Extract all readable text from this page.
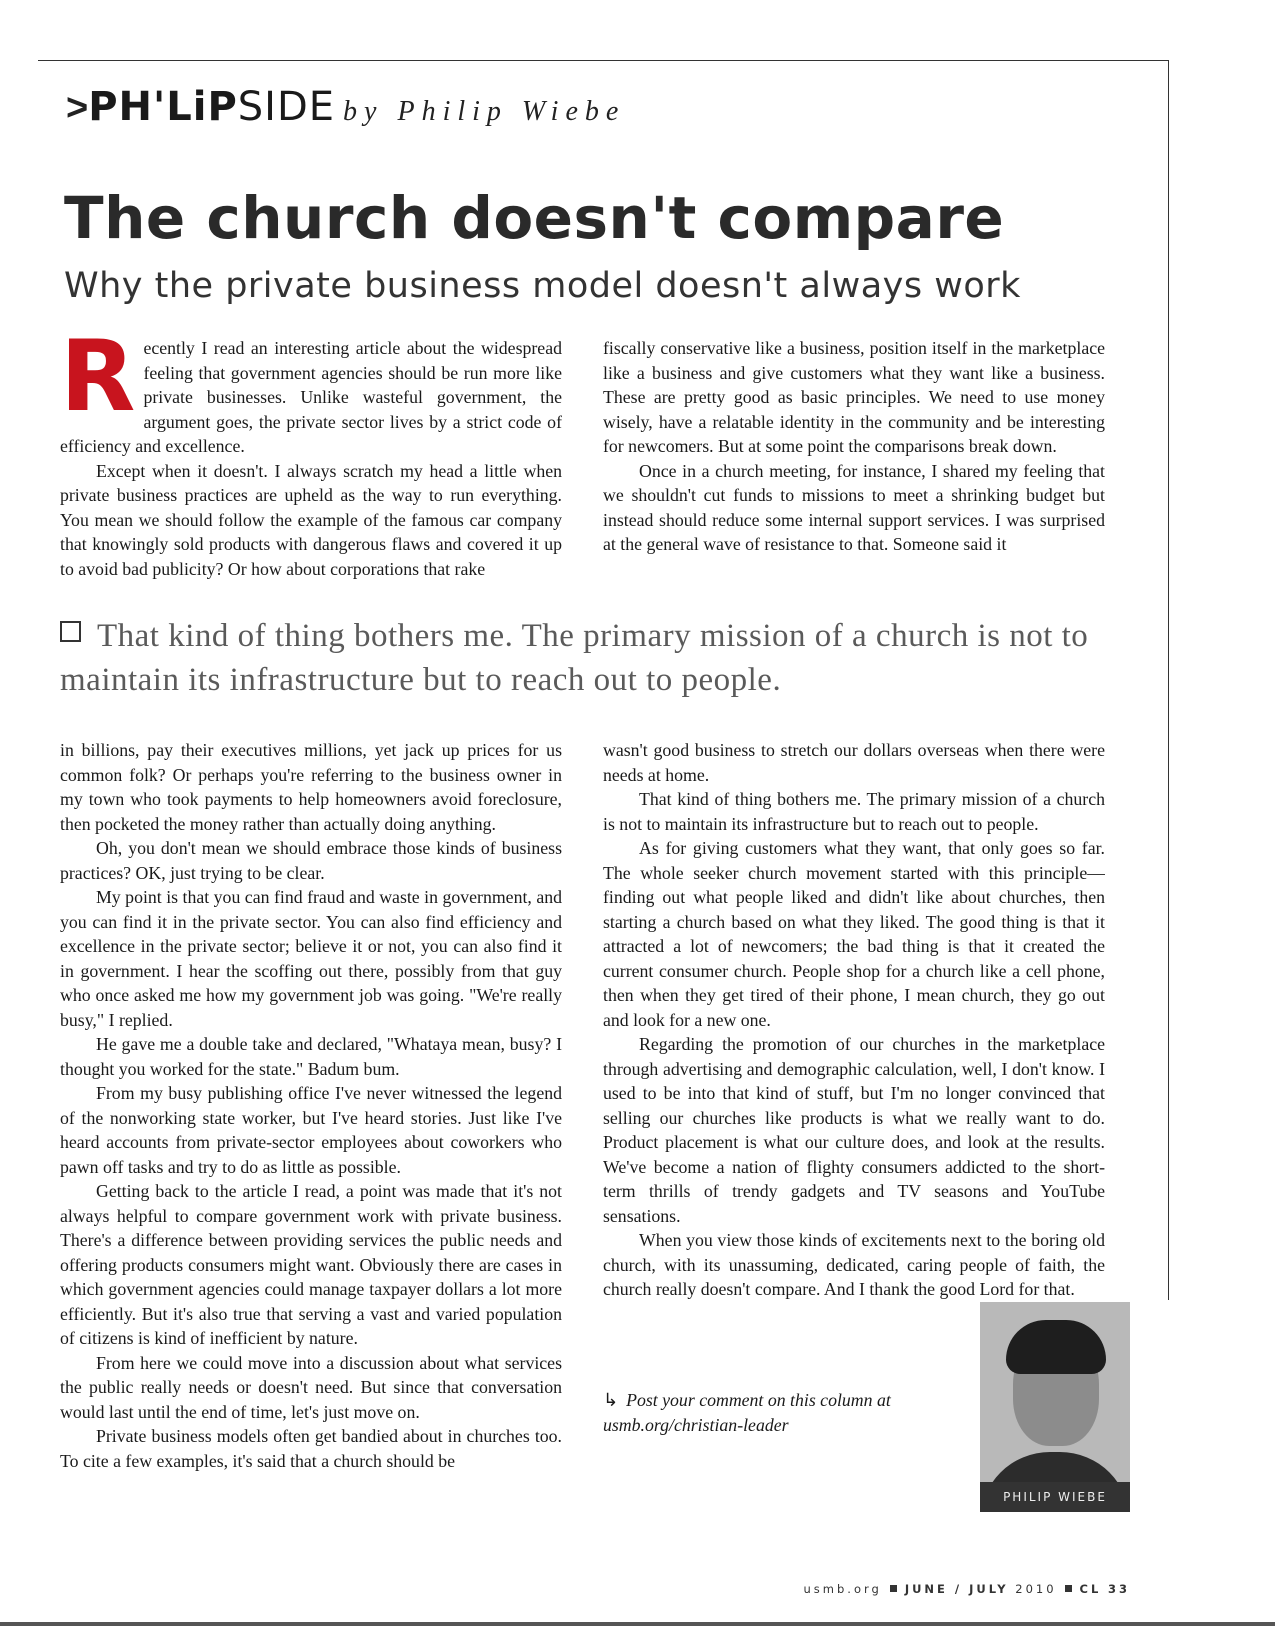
>PH'LiPSIDE by Philip Wiebe
The church doesn't compare
Why the private business model doesn't always work

Recently I read an interesting article about the widespread feeling that government agencies should be run more like private businesses. Unlike wasteful government, the argument goes, the private sector lives by a strict code of efficiency and excellence.

Except when it doesn't. I always scratch my head a little when private business practices are upheld as the way to run everything. You mean we should follow the example of the famous car company that knowingly sold products with dangerous flaws and covered it up to avoid bad publicity? Or how about corporations that rake

fiscally conservative like a business, position itself in the marketplace like a business and give customers what they want like a business. These are pretty good as basic principles. We need to use money wisely, have a relatable identity in the community and be interesting for newcomers. But at some point the comparisons break down.

Once in a church meeting, for instance, I shared my feeling that we shouldn't cut funds to missions to meet a shrinking budget but instead should reduce some internal support services. I was surprised at the general wave of resistance to that. Someone said it

That kind of thing bothers me. The primary mission of a church is not to maintain its infrastructure but to reach out to people.

in billions, pay their executives millions, yet jack up prices for us common folk? Or perhaps you're referring to the business owner in my town who took payments to help homeowners avoid foreclosure, then pocketed the money rather than actually doing anything.

Oh, you don't mean we should embrace those kinds of business practices? OK, just trying to be clear.

My point is that you can find fraud and waste in government, and you can find it in the private sector. You can also find efficiency and excellence in the private sector; believe it or not, you can also find it in government. I hear the scoffing out there, possibly from that guy who once asked me how my government job was going. "We're really busy," I replied.

He gave me a double take and declared, "Whataya mean, busy? I thought you worked for the state." Badum bum.

From my busy publishing office I've never witnessed the legend of the nonworking state worker, but I've heard stories. Just like I've heard accounts from private-sector employees about coworkers who pawn off tasks and try to do as little as possible.

Getting back to the article I read, a point was made that it's not always helpful to compare government work with private business. There's a difference between providing services the public needs and offering products consumers might want. Obviously there are cases in which government agencies could manage taxpayer dollars a lot more efficiently. But it's also true that serving a vast and varied population of citizens is kind of inefficient by nature.

From here we could move into a discussion about what services the public really needs or doesn't need. But since that conversation would last until the end of time, let's just move on.

Private business models often get bandied about in churches too. To cite a few examples, it's said that a church should be

wasn't good business to stretch our dollars overseas when there were needs at home.

That kind of thing bothers me. The primary mission of a church is not to maintain its infrastructure but to reach out to people.

As for giving customers what they want, that only goes so far. The whole seeker church movement started with this principle—finding out what people liked and didn't like about churches, then starting a church based on what they liked. The good thing is that it attracted a lot of newcomers; the bad thing is that it created the current consumer church. People shop for a church like a cell phone, then when they get tired of their phone, I mean church, they go out and look for a new one.

Regarding the promotion of our churches in the marketplace through advertising and demographic calculation, well, I don't know. I used to be into that kind of stuff, but I'm no longer convinced that selling our churches like products is what we really want to do. Product placement is what our culture does, and look at the results. We've become a nation of flighty consumers addicted to the short-term thrills of trendy gadgets and TV seasons and YouTube sensations.

When you view those kinds of excitements next to the boring old church, with its unassuming, dedicated, caring people of faith, the church really doesn't compare. And I thank the good Lord for that.

↳ Post your comment on this column at
usmb.org/christian-leader
PHILIP WIEBE
usmb.org JUNE / JULY 2010 CL 33
